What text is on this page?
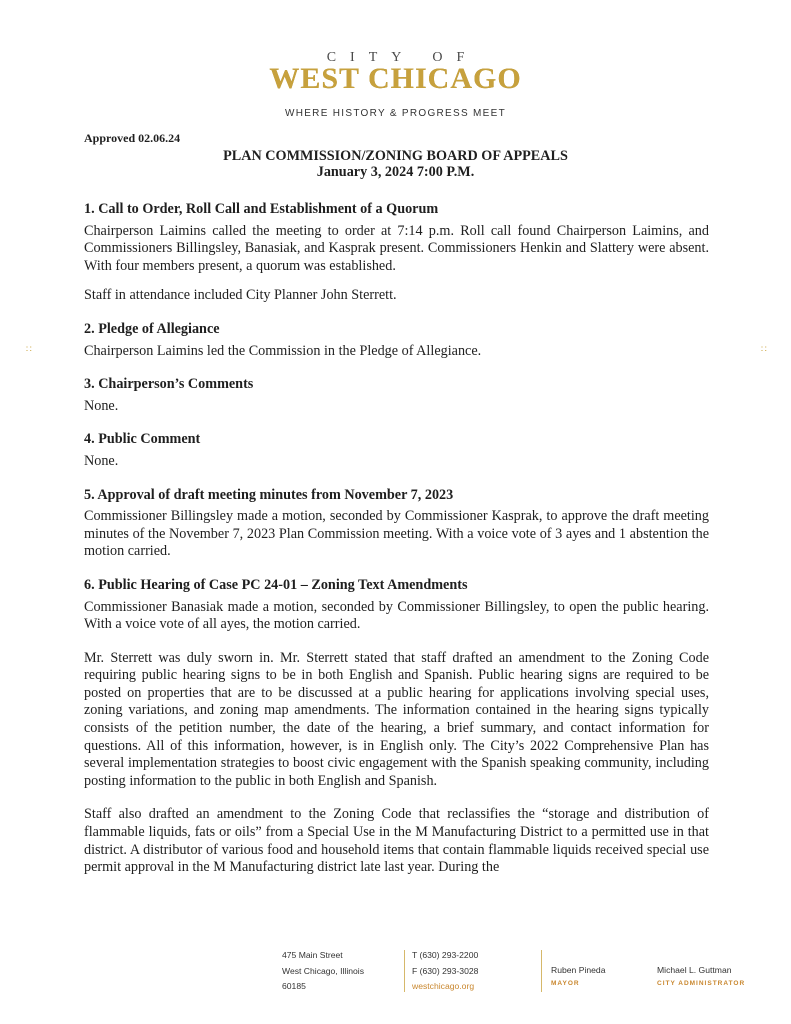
CITY OF
WEST CHICAGO
WHERE HISTORY & PROGRESS MEET
Approved 02.06.24
PLAN COMMISSION/ZONING BOARD OF APPEALS
January 3, 2024 7:00 P.M.
∷	∷

1. Call to Order, Roll Call and Establishment of a Quorum

Chairperson Laimins called the meeting to order at 7:14 p.m. Roll call found Chairperson Laimins, and Commissioners Billingsley, Banasiak, and Kasprak present. Commissioners Henkin and Slattery were absent. With four members present, a quorum was established.

Staff in attendance included City Planner John Sterrett.

2. Pledge of Allegiance

Chairperson Laimins led the Commission in the Pledge of Allegiance.

3. Chairperson’s Comments

None.

4. Public Comment

None.

5. Approval of draft meeting minutes from November 7, 2023

Commissioner Billingsley made a motion, seconded by Commissioner Kasprak, to approve the draft meeting minutes of the November 7, 2023 Plan Commission meeting. With a voice vote of 3 ayes and 1 abstention the motion carried.

6. Public Hearing of Case PC 24-01 – Zoning Text Amendments

Commissioner Banasiak made a motion, seconded by Commissioner Billingsley, to open the public hearing. With a voice vote of all ayes, the motion carried.

Mr. Sterrett was duly sworn in. Mr. Sterrett stated that staff drafted an amendment to the Zoning Code requiring public hearing signs to be in both English and Spanish. Public hearing signs are required to be posted on properties that are to be discussed at a public hearing for applications involving special uses, zoning variations, and zoning map amendments. The information contained in the hearing signs typically consists of the petition number, the date of the hearing, a brief summary, and contact information for questions. All of this information, however, is in English only. The City’s 2022 Comprehensive Plan has several implementation strategies to boost civic engagement with the Spanish speaking community, including posting information to the public in both English and Spanish.

Staff also drafted an amendment to the Zoning Code that reclassifies the “storage and distribution of flammable liquids, fats or oils” from a Special Use in the M Manufacturing District to a permitted use in that district. A distributor of various food and household items that contain flammable liquids received special use permit approval in the M Manufacturing district late last year. During the

475 Main Street
West Chicago, Illinois
60185
T (630) 293-2200
F (630) 293-3028
westchicago.org
Ruben Pineda
MAYOR
Michael L. Guttman
CITY ADMINISTRATOR
